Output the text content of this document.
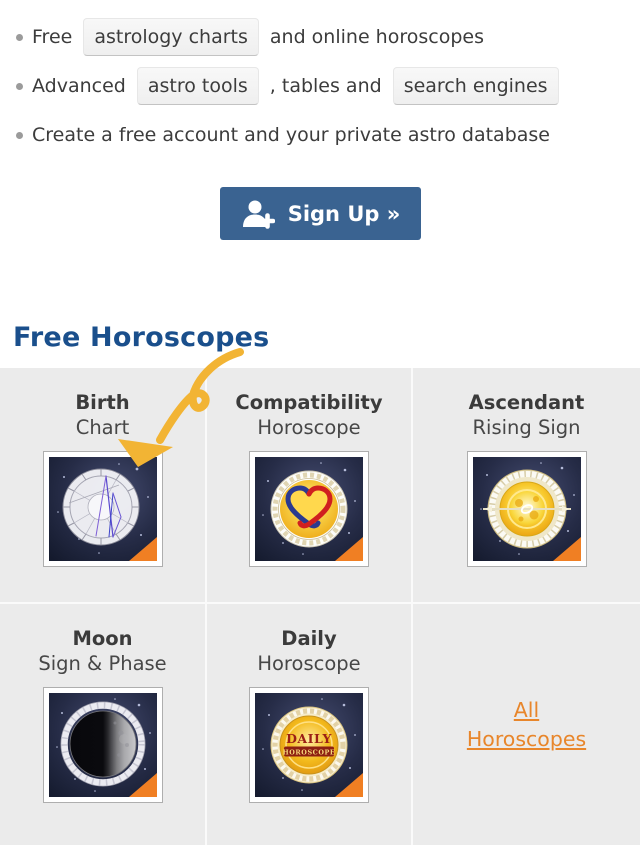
Free	astrology charts	and online horoscopes
Advanced	astro tools	, tables and	search engines
Create a free account and your private astro database
Sign Up »
Free Horoscopes
Birth
Chart
Compatibility
Horoscope
Ascendant
Rising Sign
Moon
Sign & Phase
Daily
Horoscope
DAILY
HOROSCOPE
All Horoscopes
